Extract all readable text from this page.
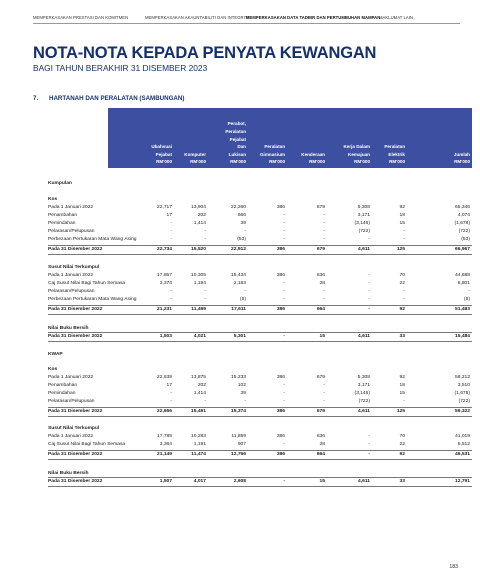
MEMPERKASAKAN PRESTASI DAN KOMITMEN	MEMPERKASAKAN AKAUNTABILITI DAN INTEGRITI
MEMPERKASAKAN DATA TADBIR DAN PERTUMBUHAN MAMPAN
MAKLUMAT LAIN
NOTA-NOTA KEPADA PENYATA KEWANGAN
BAGI TAHUN BERAKHIR 31 DISEMBER 2023
7. HARTANAH DAN PERALATAN (SAMBUNGAN)
Ubahsuai
Pejabat
RM'000
Komputer
RM'000
Perabot,
Peralatan
Pejabat
Dan
Lukisan
RM'000
Peralatan
Gimnasium
RM'000
Kenderaan
RM'000
Kerja Dalam
Kemajuan
RM'000
Peralatan
Elektrik
RM'000
Jumlah
RM'000
Kumpulan
Kos
Pada 1 Januari 2022	22,717	13,904	22,260	386	679	5,308	92	65,346
Penambahan	17	202	666	-	-	3,171	18	4,074
Pemindahan	-	1,414	39	-	-	(3,146)	15	(1,678)
Pelarasan/Pelupusan	-	-	-	-	-	(722)	-	(722)
Perbezaan Pertukaran Mata Wang Asing	-	-	(53)	-	-	-	-	(53)
Pada 31 Disember 2022	22,734	15,520	22,912	386	679	4,611	125	66,967
Susut Nilai Terkumpul
Pada 1 Januari 2022	17,857	10,305	15,434	386	636	-	70	44,688
Caj Susut Nilai Bagi Tahun Semasa	3,374	1,194	2,183	-	28	-	22	6,801
Pelarasan/Pelupusan	-	-	-	-	-	-	-	-
Perbezaan Pertukaran Mata Wang Asing	-	-	(6)	-	-	-	-	(6)
Pada 31 Disember 2022	21,231	11,499	17,611	386	664	-	92	51,483
Nilai Buku Bersih
Pada 31 Disember 2022	1,503	4,021	5,301	-	15	4,611	33	15,484
KWAP
Kos
Pada 1 Januari 2022	22,639	13,875	15,233	386	679	5,308	92	58,212
Penambahan	17	202	102	-	-	3,171	18	3,510
Pemindahan	-	1,414	39	-	-	(3,146)	15	(1,678)
Pelarasan/Pelupusan	-	-	-	-	-	(722)	-	(722)
Pada 31 Disember 2022	22,656	15,491	15,374	386	679	4,611	125	59,322
Susut Nilai Terkumpul
Pada 1 Januari 2022	17,785	10,283	11,859	386	636	-	70	41,019
Caj Susut Nilai Bagi Tahun Semasa	3,364	1,191	907	-	28	-	22	5,512
Pada 31 Disember 2022	21,149	11,474	12,766	386	664	-	92	46,531
Nilai Buku Bersih
Pada 31 Disember 2022	1,507	4,017	2,608	-	15	4,611	33	12,791
183
